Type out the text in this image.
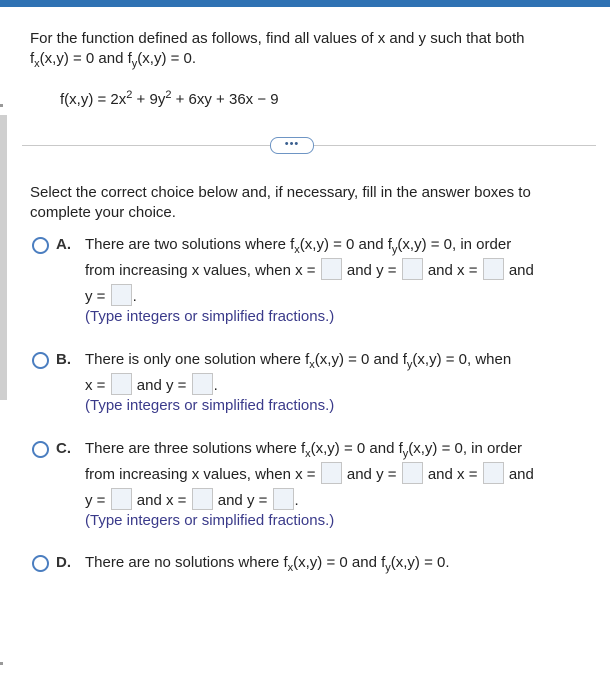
For the function defined as follows, find all values of x and y such that both
$f_x(x,y) = 0$ and $f_y(x,y) = 0$.
$f(x,y) = 2x^2 + 9y^2 + 6xy + 36x - 9$
•••
Select the correct choice below and, if necessary, fill in the answer boxes to
complete your choice.
A. There are two solutions where $f_x(x,y) = 0$ and $f_y(x,y) = 0$, in order
from increasing x values, when x = and y = and x = and
y = .
(Type integers or simplified fractions.)
B. There is only one solution where $f_x(x,y) = 0$ and $f_y(x,y) = 0$, when
x = and y = .
(Type integers or simplified fractions.)
C. There are three solutions where $f_x(x,y) = 0$ and $f_y(x,y) = 0$, in order
from increasing x values, when x = and y = and x = and
y = and x = and y = .
(Type integers or simplified fractions.)
D. There are no solutions where $f_x(x,y) = 0$ and $f_y(x,y) = 0$.
